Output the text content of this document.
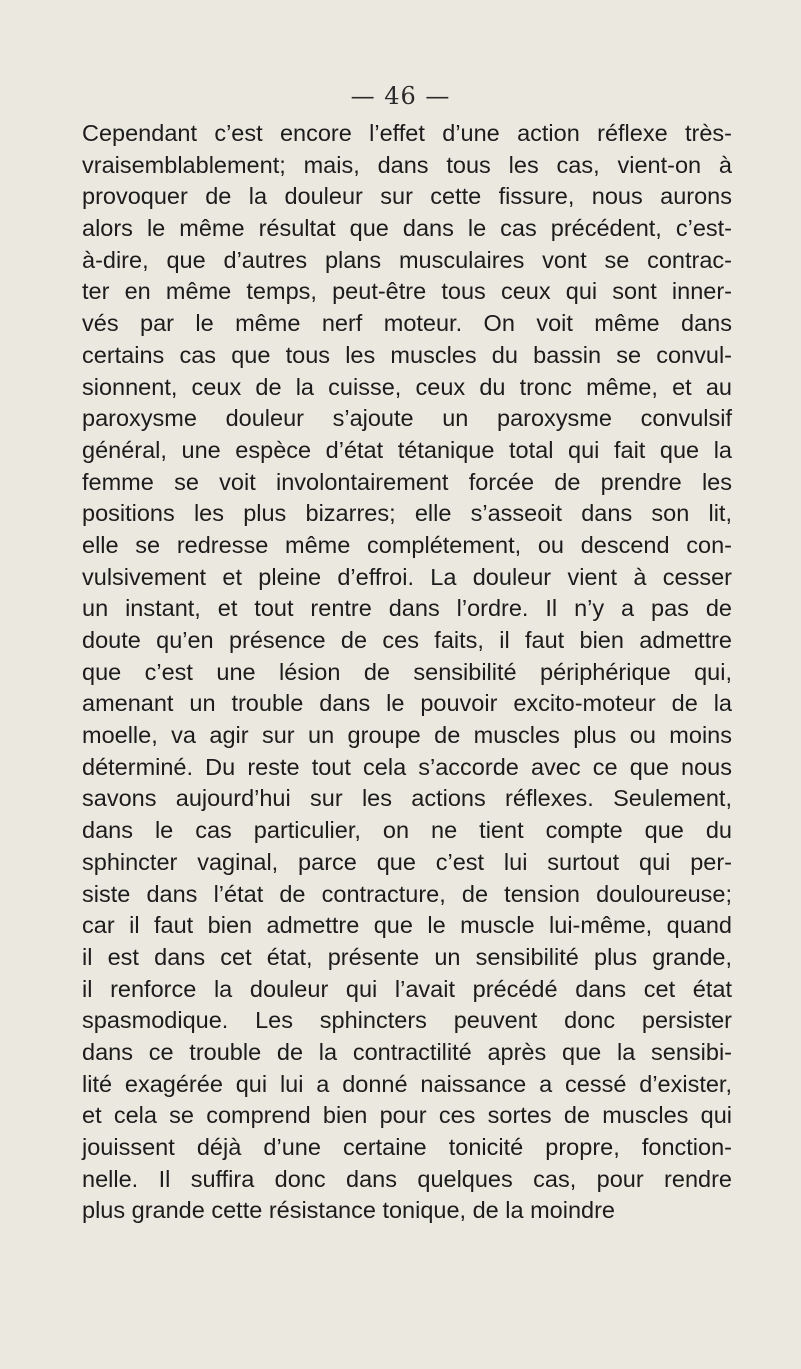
— 46 —
Cependant c’est encore l’effet d’une action réflexe très-
vraisemblablement; mais, dans tous les cas, vient-on à
provoquer de la douleur sur cette fissure, nous aurons
alors le même résultat que dans le cas précédent, c’est-
à-dire, que d’autres plans musculaires vont se contrac-
ter en même temps, peut-être tous ceux qui sont inner-
vés par le même nerf moteur. On voit même dans
certains cas que tous les muscles du bassin se convul-
sionnent, ceux de la cuisse, ceux du tronc même, et au
paroxysme douleur s’ajoute un paroxysme convulsif
général, une espèce d’état tétanique total qui fait que la
femme se voit involontairement forcée de prendre les
positions les plus bizarres; elle s’asseoit dans son lit,
elle se redresse même complétement, ou descend con-
vulsivement et pleine d’effroi. La douleur vient à cesser
un instant, et tout rentre dans l’ordre. Il n’y a pas de
doute qu’en présence de ces faits, il faut bien admettre
que c’est une lésion de sensibilité périphérique qui,
amenant un trouble dans le pouvoir excito-moteur de la
moelle, va agir sur un groupe de muscles plus ou moins
déterminé. Du reste tout cela s’accorde avec ce que nous
savons aujourd’hui sur les actions réflexes. Seulement,
dans le cas particulier, on ne tient compte que du
sphincter vaginal, parce que c’est lui surtout qui per-
siste dans l’état de contracture, de tension douloureuse;
car il faut bien admettre que le muscle lui-même, quand
il est dans cet état, présente un sensibilité plus grande,
il renforce la douleur qui l’avait précédé dans cet état
spasmodique. Les sphincters peuvent donc persister
dans ce trouble de la contractilité après que la sensibi-
lité exagérée qui lui a donné naissance a cessé d’exister,
et cela se comprend bien pour ces sortes de muscles qui
jouissent déjà d’une certaine tonicité propre, fonction-
nelle. Il suffira donc dans quelques cas, pour rendre
plus grande cette résistance tonique, de la moindre
